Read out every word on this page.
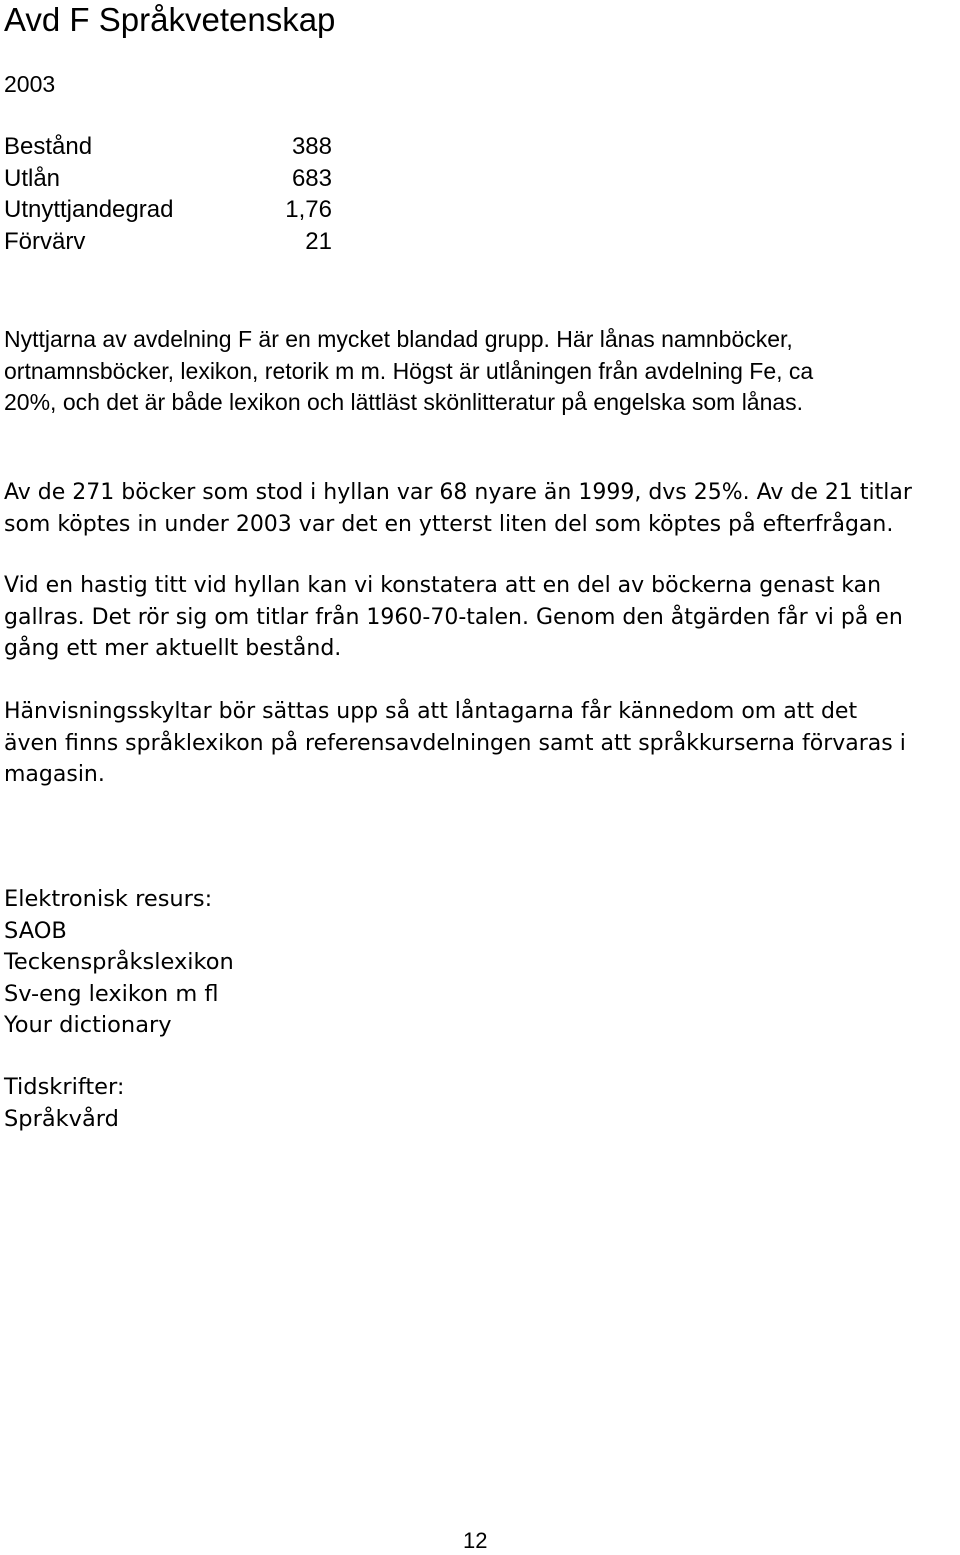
Avd F Språkvetenskap
2003
Bestånd	388
Utlån	683
Utnyttjandegrad	1,76
Förvärv	21

Nyttjarna av avdelning F är en mycket blandad grupp. Här lånas namnböcker,
ortnamnsböcker, lexikon, retorik m m. Högst är utlåningen från avdelning Fe, ca
20%, och det är både lexikon och lättläst skönlitteratur på engelska som lånas.

Av de 271 böcker som stod i hyllan var 68 nyare än 1999, dvs 25%. Av de 21 titlar
som köptes in under 2003 var det en ytterst liten del som köptes på efterfrågan.

Vid en hastig titt vid hyllan kan vi konstatera att en del av böckerna genast kan
gallras. Det rör sig om titlar från 1960-70-talen. Genom den åtgärden får vi på en
gång ett mer aktuellt bestånd.

Hänvisningsskyltar bör sättas upp så att låntagarna får kännedom om att det
även finns språklexikon på referensavdelningen samt att språkkurserna förvaras i
magasin.

Elektronisk resurs:
SAOB
Teckenspråkslexikon
Sv-eng lexikon m fl
Your dictionary
Tidskrifter:
Språkvård
12
